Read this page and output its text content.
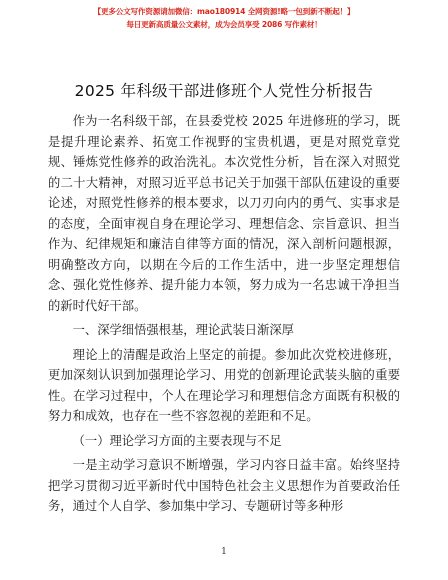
【更多公文写作资源请加微信：mao180914 全网资源!略一包到新不断起！】
每日更新高质量公文素材，成为会员享受 2086 写作素材！
2025 年科级干部进修班个人党性分析报告

作为一名科级干部，在县委党校 2025 年进修班的学习，既是提升理论素养、拓宽工作视野的宝贵机遇，更是对照党章党规、锤炼党性修养的政治洗礼。本次党性分析，旨在深入对照党的二十大精神，对照习近平总书记关于加强干部队伍建设的重要论述，对照党性修养的根本要求，以刀刃向内的勇气、实事求是的态度，全面审视自身在理论学习、理想信念、宗旨意识、担当作为、纪律规矩和廉洁自律等方面的情况，深入剖析问题根源，明确整改方向，以期在今后的工作生活中，进一步坚定理想信念、强化党性修养、提升能力本领，努力成为一名忠诚干净担当的新时代好干部。

一、深学细悟强根基，理论武装日渐深厚

理论上的清醒是政治上坚定的前提。参加此次党校进修班，更加深刻认识到加强理论学习、用党的创新理论武装头脑的重要性。在学习过程中，个人在理论学习和理想信念方面既有积极的努力和成效，也存在一些不容忽视的差距和不足。

（一）理论学习方面的主要表现与不足

一是主动学习意识不断增强，学习内容日益丰富。始终坚持把学习贯彻习近平新时代中国特色社会主义思想作为首要政治任务，通过个人自学、参加集中学习、专题研讨等多种形

1
